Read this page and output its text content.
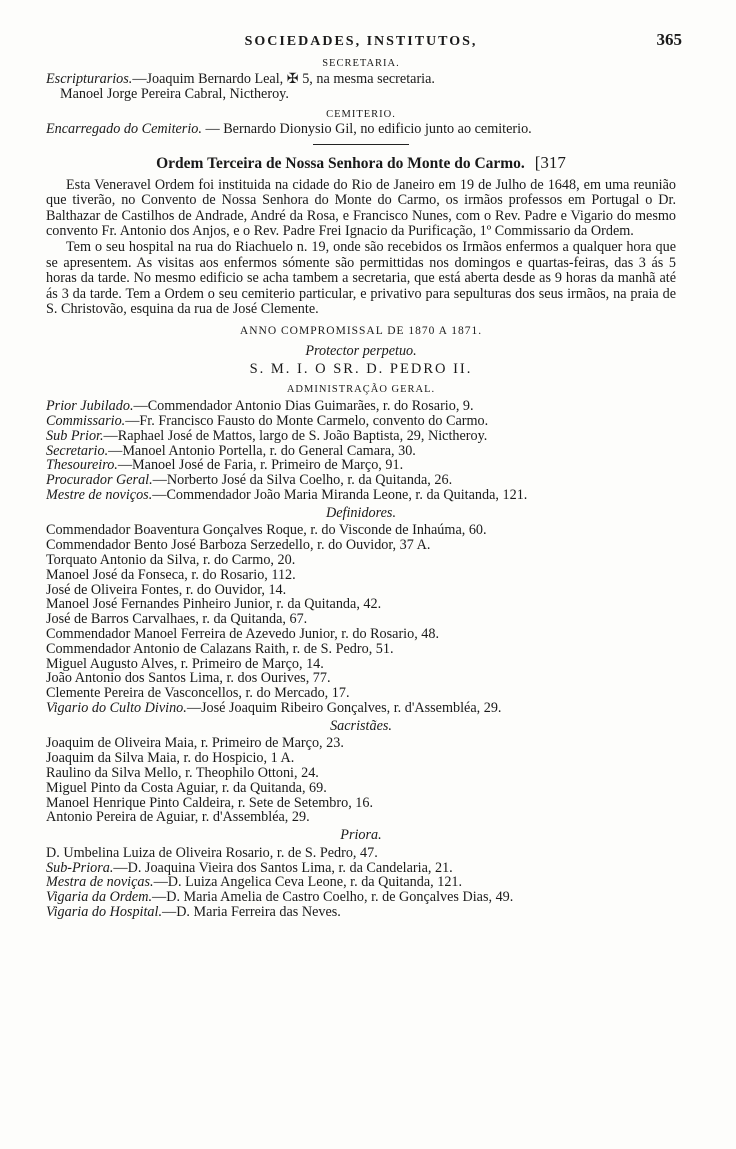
SOCIEDADES, INSTITUTOS,	365
SECRETARIA.
Escripturarios.—Joaquim Bernardo Leal, ✠ 5, na mesma secretaria.
Manoel Jorge Pereira Cabral, Nictheroy.
CEMITERIO.
Encarregado do Cemiterio. — Bernardo Dionysio Gil, no edificio junto ao cemiterio.
Ordem Terceira de Nossa Senhora do Monte do Carmo. [317

Esta Veneravel Ordem foi instituida na cidade do Rio de Janeiro em 19 de Julho de 1648, em uma reunião que tiverão, no Convento de Nossa Senhora do Monte do Carmo, os irmãos professos em Portugal o Dr. Balthazar de Castilhos de Andrade, André da Rosa, e Francisco Nunes, com o Rev. Padre e Vigario do mesmo convento Fr. Antonio dos Anjos, e o Rev. Padre Frei Ignacio da Purificação, 1º Commissario da Ordem.

Tem o seu hospital na rua do Riachuelo n. 19, onde são recebidos os Irmãos enfermos a qualquer hora que se apresentem. As visitas aos enfermos sómente são permittidas nos domingos e quartas-feiras, das 3 ás 5 horas da tarde. No mesmo edificio se acha tambem a secretaria, que está aberta desde as 9 horas da manhã até ás 3 da tarde. Tem a Ordem o seu cemiterio particular, e privativo para sepulturas dos seus irmãos, na praia de S. Christovão, esquina da rua de José Clemente.

ANNO COMPROMISSAL DE 1870 A 1871.
Protector perpetuo.
S. M. I. O SR. D. PEDRO II.
ADMINISTRAÇÃO GERAL.
Prior Jubilado.—Commendador Antonio Dias Guimarães, r. do Rosario, 9.
Commissario.—Fr. Francisco Fausto do Monte Carmelo, convento do Carmo.
Sub Prior.—Raphael José de Mattos, largo de S. João Baptista, 29, Nictheroy.
Secretario.—Manoel Antonio Portella, r. do General Camara, 30.
Thesoureiro.—Manoel José de Faria, r. Primeiro de Março, 91.
Procurador Geral.—Norberto José da Silva Coelho, r. da Quitanda, 26.
Mestre de noviços.—Commendador João Maria Miranda Leone, r. da Quitanda, 121.
Definidores.
Commendador Boaventura Gonçalves Roque, r. do Visconde de Inhaúma, 60.
Commendador Bento José Barboza Serzedello, r. do Ouvidor, 37 A.
Torquato Antonio da Silva, r. do Carmo, 20.
Manoel José da Fonseca, r. do Rosario, 112.
José de Oliveira Fontes, r. do Ouvidor, 14.
Manoel José Fernandes Pinheiro Junior, r. da Quitanda, 42.
José de Barros Carvalhaes, r. da Quitanda, 67.
Commendador Manoel Ferreira de Azevedo Junior, r. do Rosario, 48.
Commendador Antonio de Calazans Raith, r. de S. Pedro, 51.
Miguel Augusto Alves, r. Primeiro de Março, 14.
João Antonio dos Santos Lima, r. dos Ourives, 77.
Clemente Pereira de Vasconcellos, r. do Mercado, 17.
Vigario do Culto Divino.—José Joaquim Ribeiro Gonçalves, r. d'Assembléa, 29.
Sacristães.
Joaquim de Oliveira Maia, r. Primeiro de Março, 23.
Joaquim da Silva Maia, r. do Hospicio, 1 A.
Raulino da Silva Mello, r. Theophilo Ottoni, 24.
Miguel Pinto da Costa Aguiar, r. da Quitanda, 69.
Manoel Henrique Pinto Caldeira, r. Sete de Setembro, 16.
Antonio Pereira de Aguiar, r. d'Assembléa, 29.
Priora.
D. Umbelina Luiza de Oliveira Rosario, r. de S. Pedro, 47.
Sub-Priora.—D. Joaquina Vieira dos Santos Lima, r. da Candelaria, 21.
Mestra de noviças.—D. Luiza Angelica Ceva Leone, r. da Quitanda, 121.
Vigaria da Ordem.—D. Maria Amelia de Castro Coelho, r. de Gonçalves Dias, 49.
Vigaria do Hospital.—D. Maria Ferreira das Neves.
